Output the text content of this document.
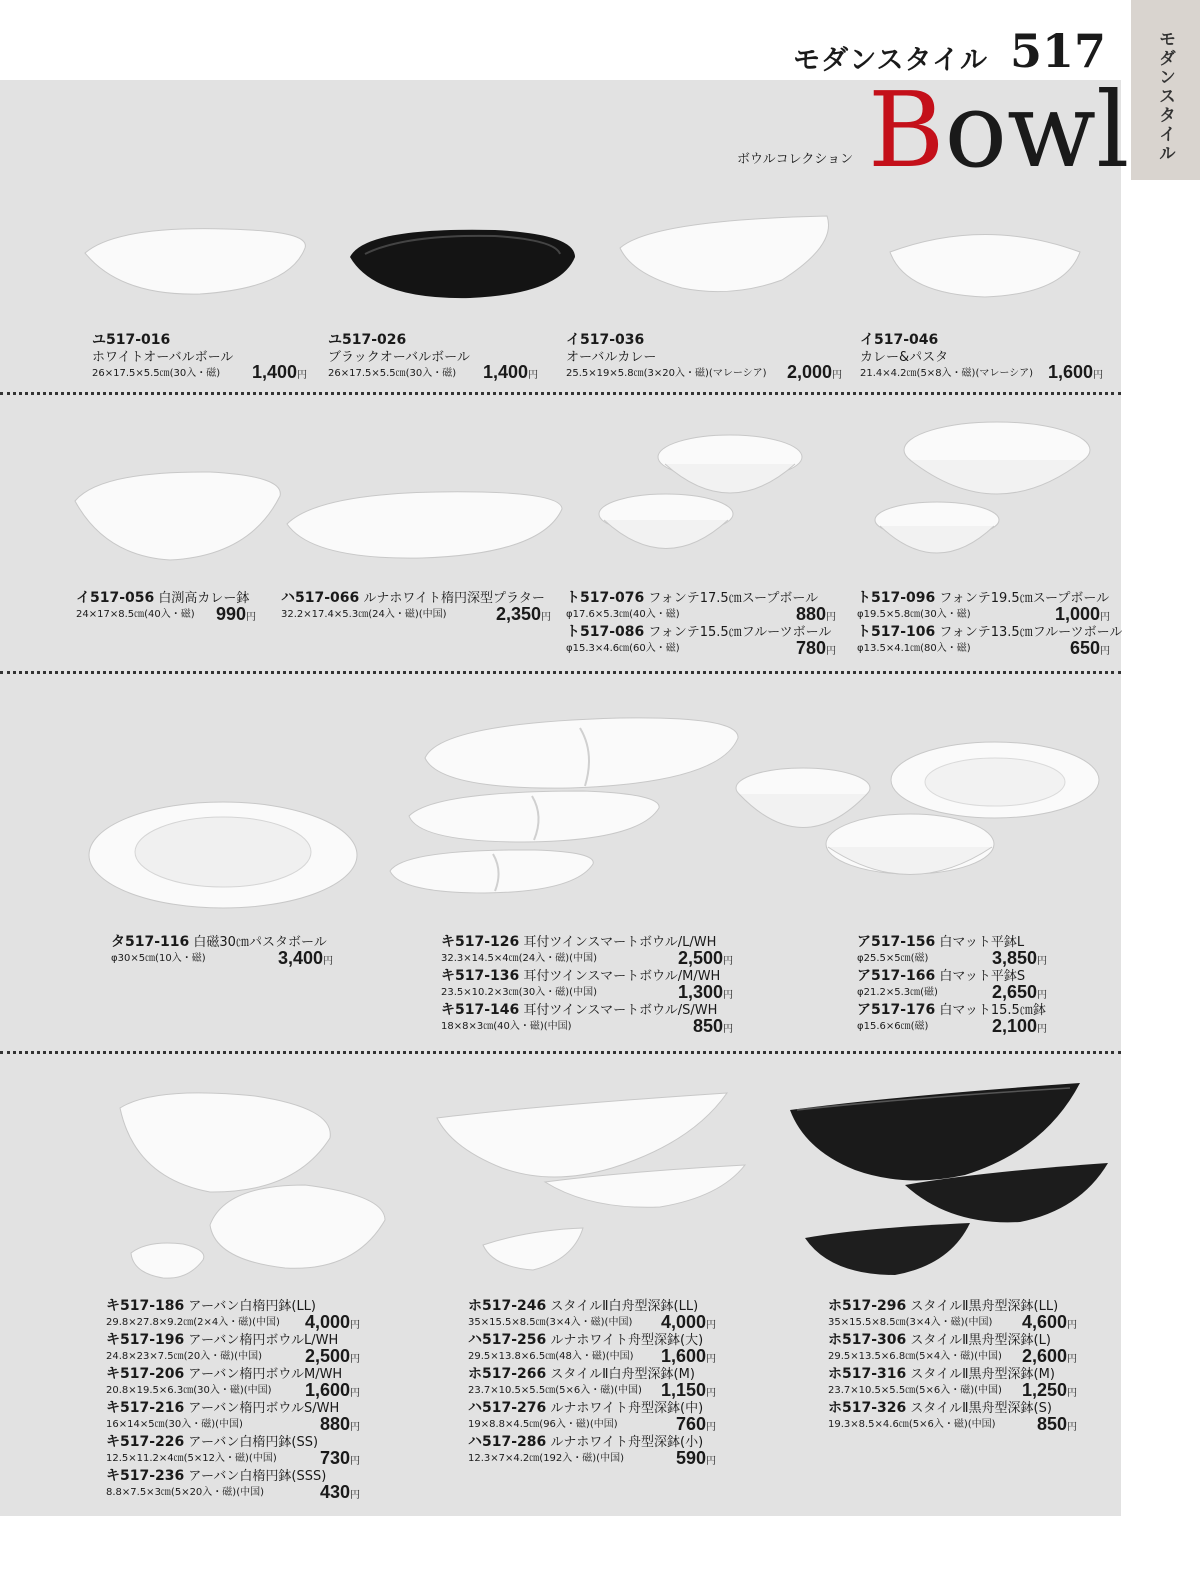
モダンスタイル
モダンスタイル 517
ボウルコレクション Bowl
ユ517-016
ホワイトオーバルボール
26×17.5×5.5㎝(30入・磁)	1,400円
ユ517-026
ブラックオーバルボール
26×17.5×5.5㎝(30入・磁)	1,400円
イ517-036
オーバルカレー
25.5×19×5.8㎝(3×20入・磁)(マレーシア)	2,000円
イ517-046
カレー&パスタ
21.4×4.2㎝(5×8入・磁)(マレーシア) 1,600円
イ517-056 白渕高カレー鉢
24×17×8.5㎝(40入・磁)	990円
ハ517-066 ルナホワイト楕円深型プラター
32.2×17.4×5.3㎝(24入・磁)(中国)	2,350円
ト517-076 フォンテ17.5㎝スープボール
φ17.6×5.3㎝(40入・磁)	880円
ト517-086 フォンテ15.5㎝フルーツボール
φ15.3×4.6㎝(60入・磁)	780円
ト517-096 フォンテ19.5㎝スープボール
φ19.5×5.8㎝(30入・磁)	1,000円
ト517-106 フォンテ13.5㎝フルーツボール
φ13.5×4.1㎝(80入・磁)	650円
タ517-116 白磁30㎝パスタボール
φ30×5㎝(10入・磁)	3,400円
キ517-126 耳付ツインスマートボウル/L/WH
32.3×14.5×4㎝(24入・磁)(中国)	2,500円
キ517-136 耳付ツインスマートボウル/M/WH
23.5×10.2×3㎝(30入・磁)(中国)	1,300円
キ517-146 耳付ツインスマートボウル/S/WH
18×8×3㎝(40入・磁)(中国)	850円
ア517-156 白マット平鉢L
φ25.5×5㎝(磁)	3,850円
ア517-166 白マット平鉢S
φ21.2×5.3㎝(磁)	2,650円
ア517-176 白マット15.5㎝鉢
φ15.6×6㎝(磁)	2,100円
キ517-186 アーバン白楕円鉢(LL)
29.8×27.8×9.2㎝(2×4入・磁)(中国)	4,000円
キ517-196 アーバン楕円ボウルL/WH
24.8×23×7.5㎝(20入・磁)(中国)	2,500円
キ517-206 アーバン楕円ボウルM/WH
20.8×19.5×6.3㎝(30入・磁)(中国)	1,600円
キ517-216 アーバン楕円ボウルS/WH
16×14×5㎝(30入・磁)(中国)	880円
キ517-226 アーバン白楕円鉢(SS)
12.5×11.2×4㎝(5×12入・磁)(中国)	730円
キ517-236 アーバン白楕円鉢(SSS)
8.8×7.5×3㎝(5×20入・磁)(中国)	430円
ホ517-246 スタイルⅡ白舟型深鉢(LL)
35×15.5×8.5㎝(3×4入・磁)(中国)	4,000円
ハ517-256 ルナホワイト舟型深鉢(大)
29.5×13.8×6.5㎝(48入・磁)(中国)	1,600円
ホ517-266 スタイルⅡ白舟型深鉢(M)
23.7×10.5×5.5㎝(5×6入・磁)(中国)	1,150円
ハ517-276 ルナホワイト舟型深鉢(中)
19×8.8×4.5㎝(96入・磁)(中国)	760円
ハ517-286 ルナホワイト舟型深鉢(小)
12.3×7×4.2㎝(192入・磁)(中国)	590円
ホ517-296 スタイルⅡ黒舟型深鉢(LL)
35×15.5×8.5㎝(3×4入・磁)(中国)	4,600円
ホ517-306 スタイルⅡ黒舟型深鉢(L)
29.5×13.5×6.8㎝(5×4入・磁)(中国)	2,600円
ホ517-316 スタイルⅡ黒舟型深鉢(M)
23.7×10.5×5.5㎝(5×6入・磁)(中国)	1,250円
ホ517-326 スタイルⅡ黒舟型深鉢(S)
19.3×8.5×4.6㎝(5×6入・磁)(中国)	850円
